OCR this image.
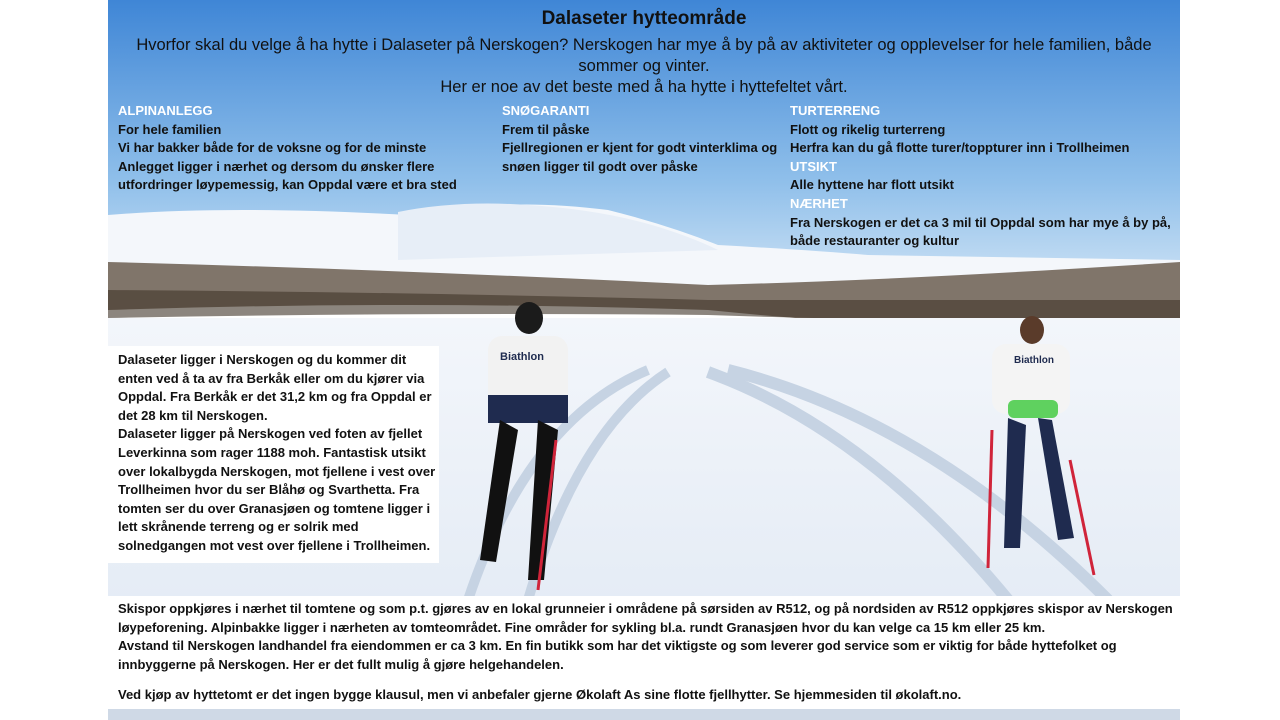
Biathlon	Biathlon
Dalaseter hytteområde
Hvorfor skal du velge å ha hytte i Dalaseter på Nerskogen? Nerskogen har mye å by på av aktiviteter og opplevelser for hele familien, både sommer og vinter.
Her er noe av det beste med å ha hytte i hyttefeltet vårt.
ALPINANLEGG
For hele familien
Vi har bakker både for de voksne og for de minste
Anlegget ligger i nærhet og dersom du ønsker flere utfordringer løypemessig, kan Oppdal være et bra sted
SNØGARANTI
Frem til påske
Fjellregionen er kjent for godt vinterklima og snøen ligger til godt over påske
TURTERRENG
Flott og rikelig turterreng
Herfra kan du gå flotte turer/toppturer inn i Trollheimen
UTSIKT
Alle hyttene har flott utsikt
NÆRHET
Fra Nerskogen er det ca 3 mil til Oppdal som har mye å by på, både restauranter og kultur

Dalaseter ligger i Nerskogen og du kommer dit enten ved å ta av fra Berkåk eller om du kjører via Oppdal. Fra Berkåk er det 31,2 km og fra Oppdal er det 28 km til Nerskogen.
Dalaseter ligger på Nerskogen ved foten av fjellet Leverkinna som rager 1188 moh. Fantastisk utsikt over lokalbygda Nerskogen, mot fjellene i vest over Trollheimen hvor du ser Blåhø og Svarthetta. Fra tomten ser du over Granasjøen og tomtene ligger i lett skrånende terreng og er solrik med solnedgangen mot vest over fjellene i Trollheimen.

Skispor oppkjøres i nærhet til tomtene og som p.t. gjøres av en lokal grunneier i områdene på sørsiden av R512, og på nordsiden av R512 oppkjøres skispor av Nerskogen løypeforening. Alpinbakke ligger i nærheten av tomteområdet. Fine områder for sykling bl.a. rundt Granasjøen hvor du kan velge ca 15 km eller 25 km.
Avstand til Nerskogen landhandel fra eiendommen er ca 3 km. En fin butikk som har det viktigste og som leverer god service som er viktig for både hyttefolket og innbyggerne på Nerskogen. Her er det fullt mulig å gjøre helgehandelen.
Ved kjøp av hyttetomt er det ingen bygge klausul, men vi anbefaler gjerne Økolaft As sine flotte fjellhytter. Se hjemmesiden til økolaft.no.
